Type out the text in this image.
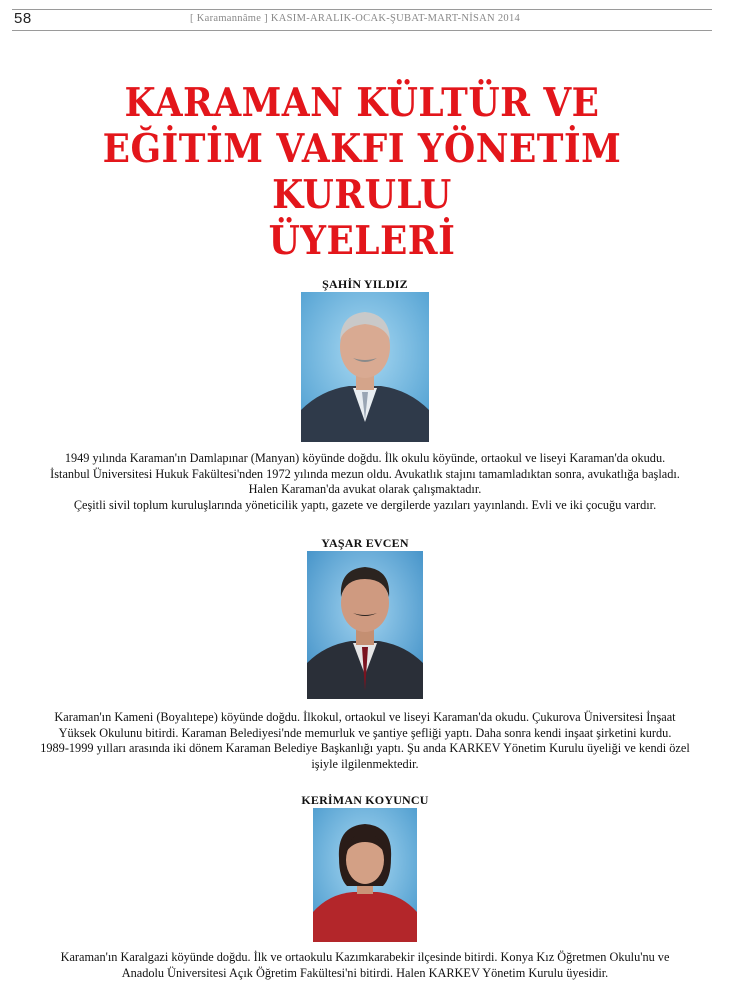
58	[ Karamannâme ] KASIM-ARALIK-OCAK-ŞUBAT-MART-NİSAN 2014
KARAMAN KÜLTÜR VE
EĞİTİM VAKFI YÖNETİM KURULU
ÜYELERİ
ŞAHİN YILDIZ
1949 yılında Karaman'ın Damlapınar (Manyan) köyünde doğdu. İlk okulu köyünde, ortaokul ve liseyi Karaman'da okudu.
İstanbul Üniversitesi Hukuk Fakültesi'nden 1972 yılında mezun oldu. Avukatlık stajını tamamladıktan sonra, avukatlığa başladı.
Halen Karaman'da avukat olarak çalışmaktadır.
Çeşitli sivil toplum kuruluşlarında yöneticilik yaptı, gazete ve dergilerde yazıları yayınlandı. Evli ve iki çocuğu vardır.
YAŞAR EVCEN
Karaman'ın Kameni (Boyalıtepe) köyünde doğdu. İlkokul, ortaokul ve liseyi Karaman'da okudu. Çukurova Üniversitesi İnşaat
Yüksek Okulunu bitirdi. Karaman Belediyesi'nde memurluk ve şantiye şefliği yaptı. Daha sonra kendi inşaat şirketini kurdu.
1989-1999 yılları arasında iki dönem Karaman Belediye Başkanlığı yaptı. Şu anda KARKEV Yönetim Kurulu üyeliği ve kendi özel
işiyle ilgilenmektedir.
KERİMAN KOYUNCU
Karaman'ın Karalgazi köyünde doğdu. İlk ve ortaokulu Kazımkarabekir ilçesinde bitirdi. Konya Kız Öğretmen Okulu'nu ve
Anadolu Üniversitesi Açık Öğretim Fakültesi'ni bitirdi. Halen KARKEV Yönetim Kurulu üyesidir.
